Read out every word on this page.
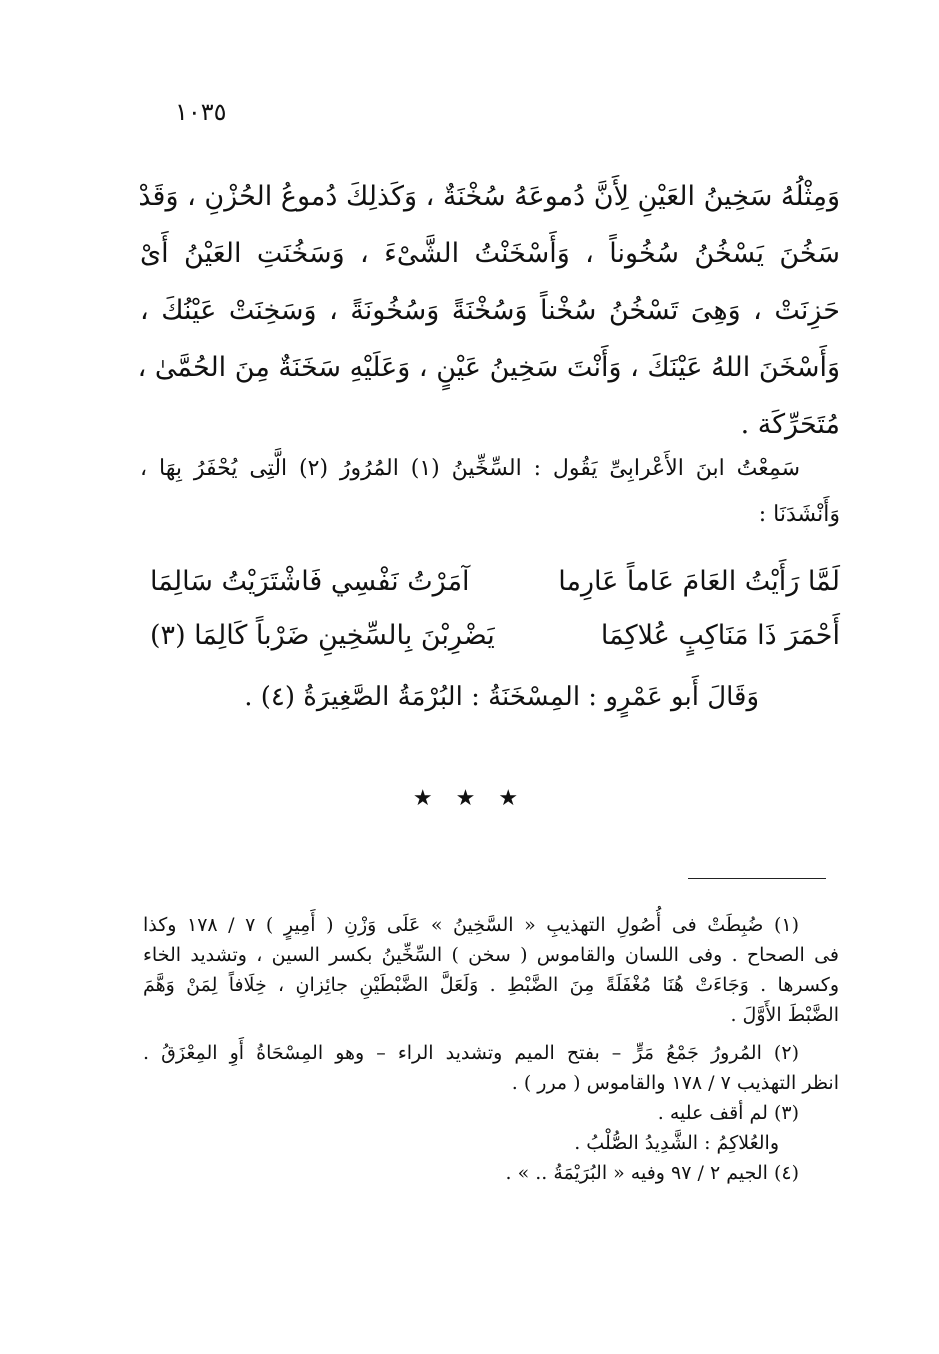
١٠٣٥
وَمِثْلُهُ سَخِينُ العَيْنِ لِأَنَّ دُموعَهُ سُخْنَةٌ ، وَكَذلِكَ دُموعُ الحُزْنِ ، وَقَدْ
سَخُنَ يَسْخُنُ سُخُوناً ، وَأَسْخَنْتُ الشَّىْءَ ، وَسَخُنَتِ العَيْنُ أَىْ
حَزِنَتْ ، وَهِىَ تَسْخُنُ سُخْناً وَسُخْنَةً وَسُخُونَةً ، وَسَخِنَتْ عَيْنُكَ ،
وَأَسْخَنَ اللهُ عَيْنَكَ ، وَأَنْتَ سَخِينُ عَيْنٍ ، وَعَلَيْهِ سَخَنَةٌ مِنَ الحُمَّىٰ ،
مُتَحَرِّكَة .
سَمِعْتُ ابنَ الأَعْرابِىِّ يَقُول : السِّخِّينُ (١) المُرُورُ (٢) الَّتِى يُحْفَرُ بِهَا ،
وَأَنْشَدَنَا :
لَمَّا رَأَيْتُ العَامَ عَاماً عَارِما
آمَرْتُ نَفْسِي فَاشْتَرَيْتُ سَالِمَا
أَحْمَرَ ذَا مَنَاكِبٍ عُلاكِمَا
يَضْرِبْنَ بِالسِّخِينِ ضَرْباً كَالِمَا (٣)
وَقَالَ أَبو عَمْرٍو : المِسْخَنَةُ : البُرْمَةُ الصَّغِيرَةُ (٤) .
★ ★ ★
(١) ضُبِطَتْ فى أُصُولِ التهذيبِ « السَّخِينُ » عَلَى وَزْنِ ( أَمِيرٍ ) ٧ / ١٧٨ وكذا
فى الصحاح . وفى اللسان والقاموس ( سخن ) السِّخِّينُ بكسر السين ، وتشديد الخاء
وكسرها . وَجَاءَتْ هُنَا مُغْفَلَةً مِنَ الضَّبْطِ . وَلَعَلَّ الضَّبْطَيْنِ جائِزانِ ، خِلَافاً لِمَنْ وَهَّمَ
الضَّبْطَ الأَوَّلَ .
(٢) المُرورُ جَمْعُ مَرٍّ – بفتح الميم وتشديد الراء – وهو المِسْحَاةُ أَوِ المِعْزَقُ .
انظر التهذيب ٧ / ١٧٨ والقاموس ( مرر ) .
(٣) لم أقف عليه .
والعُلاكِمُ : الشَّدِيدُ الصُّلْبُ .
(٤) الجيم ٢ / ٩٧ وفيه « البُرَيْمَةُ .. » .
